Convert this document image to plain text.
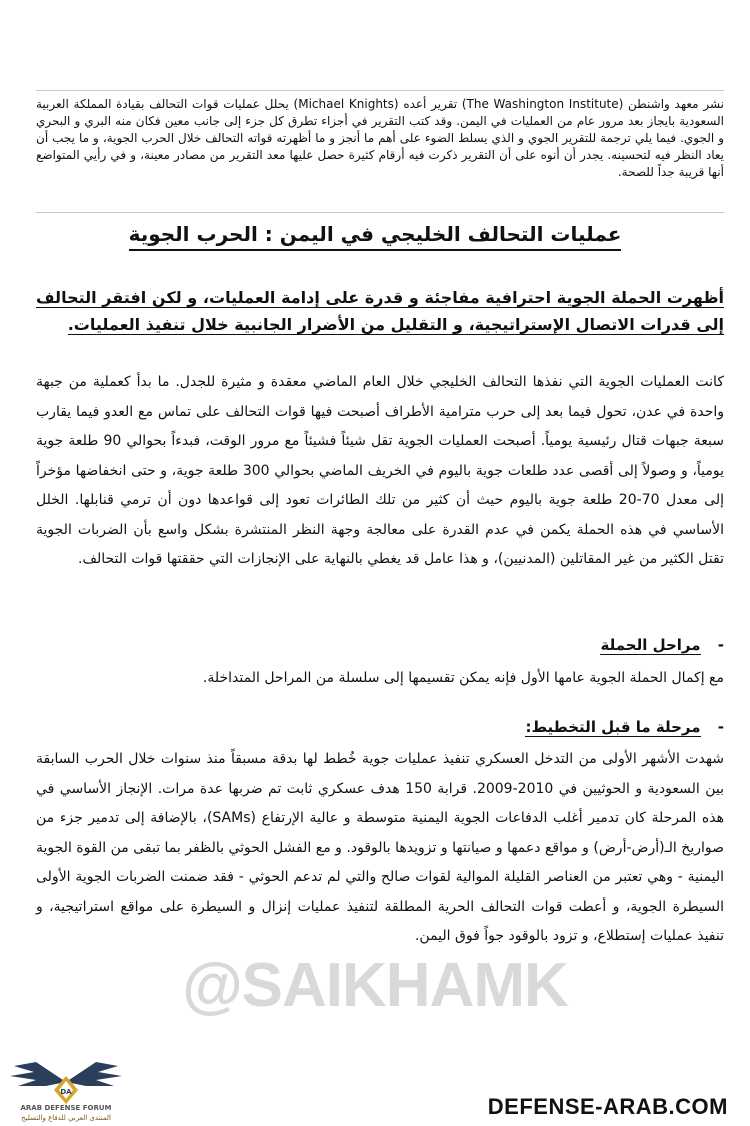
نشر معهد واشنطن (The Washington Institute) تقرير أعده (Michael Knights) يحلل عمليات قوات التحالف بقيادة المملكة العربية السعودية بايجاز بعد مرور عام من العمليات في اليمن. وقد كتب التقرير في أجزاء تطرق كل جزء إلى جانب معين فكان منه البري و البحري و الجوي. فيما يلي ترجمة للتقرير الجوي و الذي يسلط الضوء على أهم ما أنجز و ما أظهرته قواته التحالف خلال الحرب الجوية، و ما يجب أن يعاد النظر فيه لتحسينه. يجدر أن أنوه على أن التقرير ذكرت فيه أرقام كثيرة حصل عليها معد التقرير من مصادر معينة، و في رأيي المتواضع أنها قريبة جداً للصحة.

عمليات التحالف الخليجي في اليمن : الحرب الجوية

أظهرت الحملة الجوية احترافية مفاجئة و قدرة على إدامة العمليات، و لكن افتقر التحالف إلى قدرات الاتصال الإستراتيجية، و التقليل من الأضرار الجانبية خلال تنفيذ العمليات.

كانت العمليات الجوية التي نفذها التحالف الخليجي خلال العام الماضي معقدة و مثيرة للجدل. ما بدأ كعملية من جبهة واحدة في عدن، تحول فيما بعد إلى حرب مترامية الأطراف أصبحت فيها قوات التحالف على تماس مع العدو فيما يقارب سبعة جبهات قتال رئيسية يومياً. أصبحت العمليات الجوية تقل شيئاً فشيئاً مع مرور الوقت، فبدءاً بحوالي 90 طلعة جوية يومياً، و وصولاً إلى أقصى عدد طلعات جوية باليوم في الخريف الماضي بحوالي 300 طلعة جوية، و حتى انخفاضها مؤخراً إلى معدل 70-20 طلعة جوية باليوم حيث أن كثير من تلك الطائرات تعود إلى قواعدها دون أن ترمي قنابلها. الخلل الأساسي في هذه الحملة يكمن في عدم القدرة على معالجة وجهة النظر المنتشرة بشكل واسع بأن الضربات الجوية تقتل الكثير من غير المقاتلين (المدنيين)، و هذا عامل قد يغطي بالنهاية على الإنجازات التي حققتها قوات التحالف.

- مراحل الحملة

مع إكمال الحملة الجوية عامها الأول فإنه يمكن تقسيمها إلى سلسلة من المراحل المتداخلة.

- مرحلة ما قبل التخطيط:

شهدت الأشهر الأولى من التدخل العسكري تنفيذ عمليات جوية خُطط لها بدقة مسبقاً منذ سنوات خلال الحرب السابقة بين السعودية و الحوثيين في 2010-2009. قرابة 150 هدف عسكري ثابت تم ضربها عدة مرات. الإنجاز الأساسي في هذه المرحلة كان تدمير أغلب الدفاعات الجوية اليمنية متوسطة و عالية الإرتفاع (SAMs)، بالإضافة إلى تدمير جزء من صواريخ الـ(أرض-أرض) و مواقع دعمها و صيانتها و تزويدها بالوقود. و مع الفشل الحوثي بالظفر بما تبقى من القوة الجوية اليمنية - وهي تعتبر من العناصر القليلة الموالية لقوات صالح والتي لم تدعم الحوثي - فقد ضمنت الضربات الجوية الأولى السيطرة الجوية، و أعطت قوات التحالف الحرية المطلقة لتنفيذ عمليات إنزال و السيطرة على مواقع استراتيجية، و تنفيذ عمليات إستطلاع، و تزود بالوقود جواً فوق اليمن.

@SAIKHAMK
DA
ARAB DEFENSE FORUM
المنتدى العربي للدفاع والتسليح	DEFENSE-ARAB.COM
